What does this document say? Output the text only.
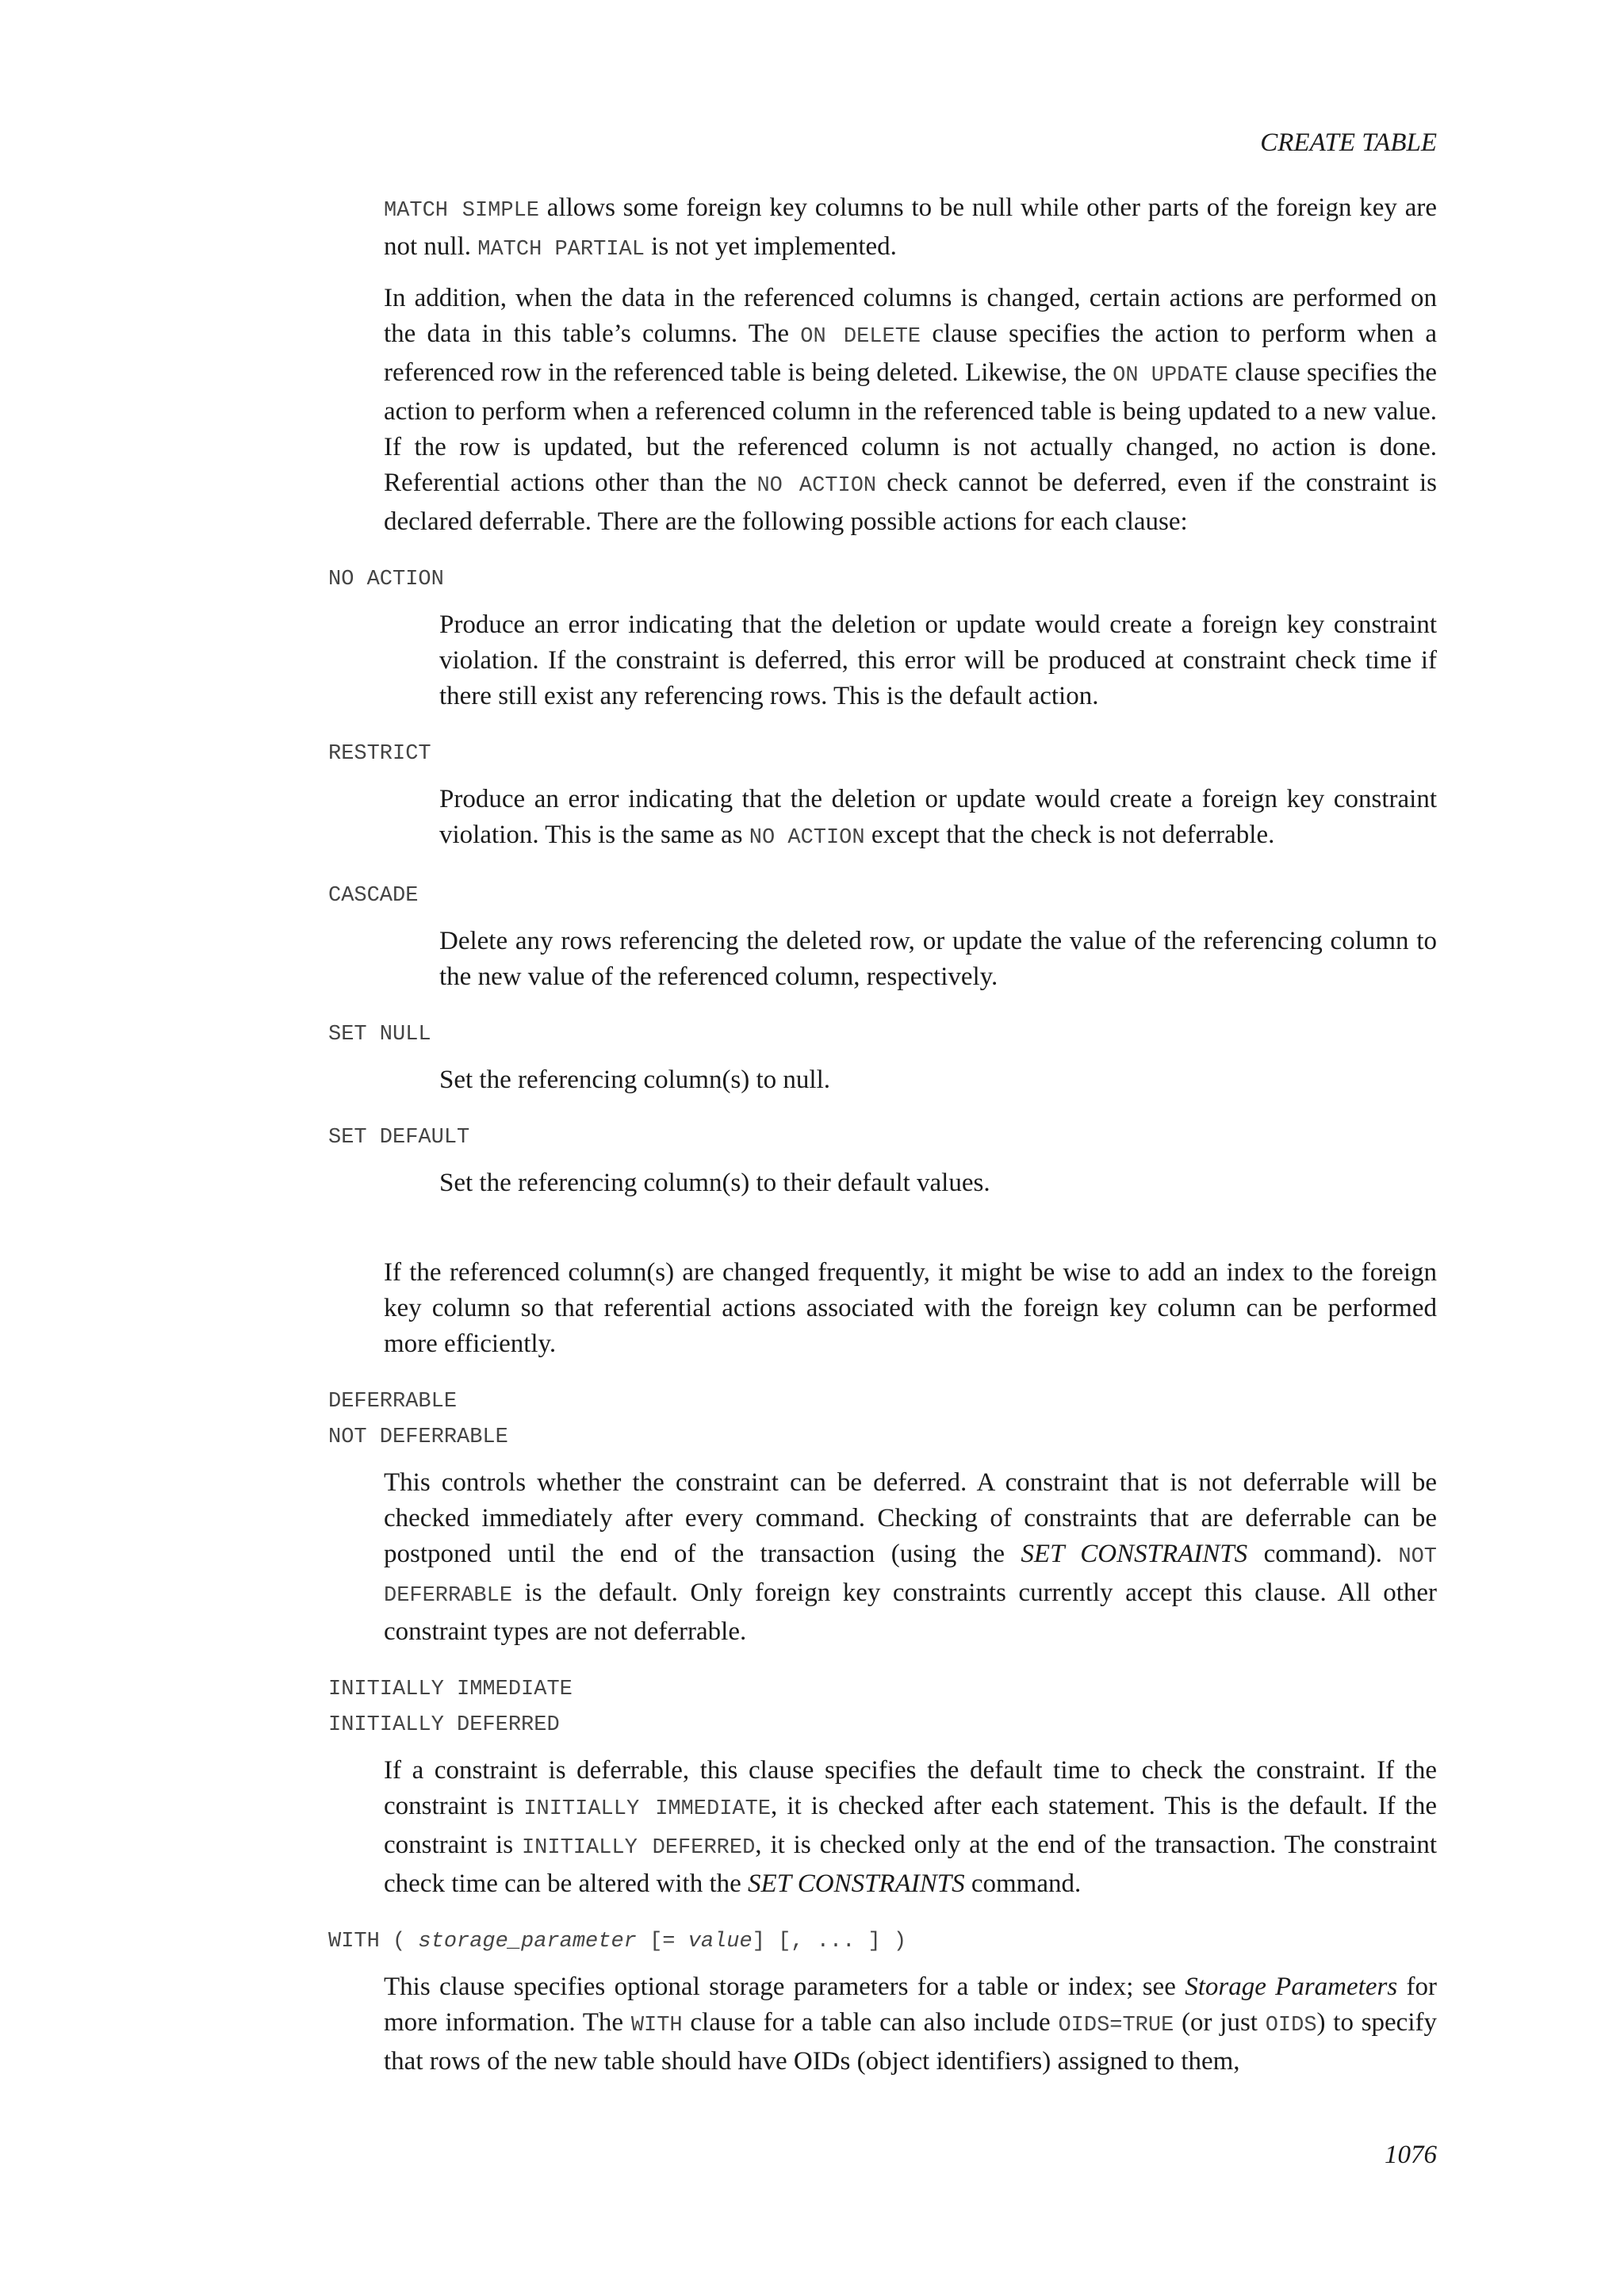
CREATE TABLE

MATCH SIMPLE allows some foreign key columns to be null while other parts of the foreign key are not null. MATCH PARTIAL is not yet implemented.

In addition, when the data in the referenced columns is changed, certain actions are performed on the data in this table’s columns. The ON DELETE clause specifies the action to perform when a referenced row in the referenced table is being deleted. Likewise, the ON UPDATE clause specifies the action to perform when a referenced column in the referenced table is being updated to a new value. If the row is updated, but the referenced column is not actually changed, no action is done. Referential actions other than the NO ACTION check cannot be deferred, even if the constraint is declared deferrable. There are the following possible actions for each clause:

NO ACTION

Produce an error indicating that the deletion or update would create a foreign key constraint violation. If the constraint is deferred, this error will be produced at constraint check time if there still exist any referencing rows. This is the default action.

RESTRICT

Produce an error indicating that the deletion or update would create a foreign key constraint violation. This is the same as NO ACTION except that the check is not deferrable.

CASCADE

Delete any rows referencing the deleted row, or update the value of the referencing column to the new value of the referenced column, respectively.

SET NULL

Set the referencing column(s) to null.

SET DEFAULT

Set the referencing column(s) to their default values.

If the referenced column(s) are changed frequently, it might be wise to add an index to the foreign key column so that referential actions associated with the foreign key column can be performed more efficiently.

DEFERRABLE
NOT DEFERRABLE

This controls whether the constraint can be deferred. A constraint that is not deferrable will be checked immediately after every command. Checking of constraints that are deferrable can be postponed until the end of the transaction (using the SET CONSTRAINTS command). NOT DEFERRABLE is the default. Only foreign key constraints currently accept this clause. All other constraint types are not deferrable.

INITIALLY IMMEDIATE
INITIALLY DEFERRED

If a constraint is deferrable, this clause specifies the default time to check the constraint. If the constraint is INITIALLY IMMEDIATE, it is checked after each statement. This is the default. If the constraint is INITIALLY DEFERRED, it is checked only at the end of the transaction. The constraint check time can be altered with the SET CONSTRAINTS command.

WITH ( storage_parameter [= value] [, ... ] )

This clause specifies optional storage parameters for a table or index; see Storage Parameters for more information. The WITH clause for a table can also include OIDS=TRUE (or just OIDS) to specify that rows of the new table should have OIDs (object identifiers) assigned to them,

1076
